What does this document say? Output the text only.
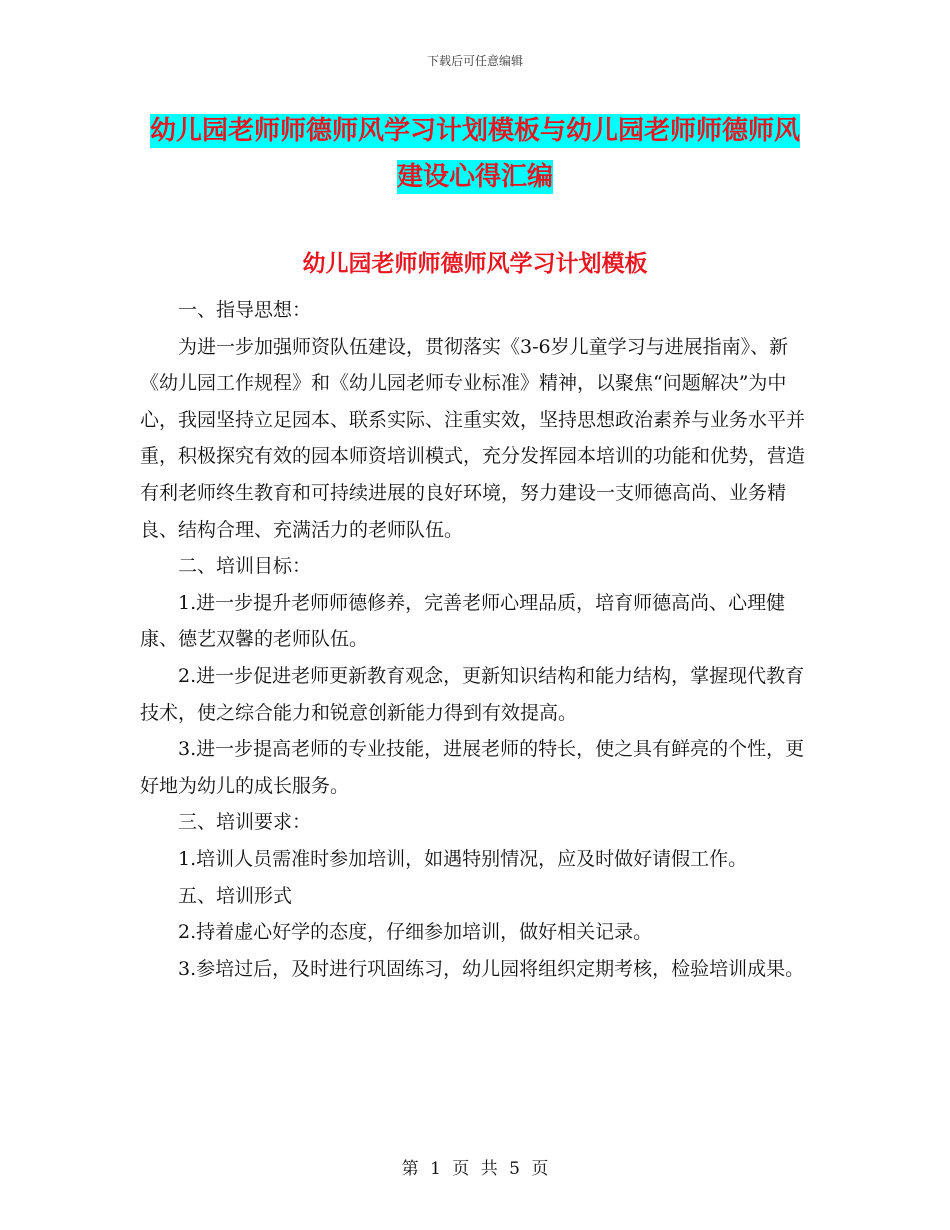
下载后可任意编辑
幼儿园老师师德师风学习计划模板与幼儿园老师师德师风建设心得汇编
幼儿园老师师德师风学习计划模板

一、指导思想：

为进一步加强师资队伍建设，贯彻落实《3-6岁儿童学习与进展指南》、新《幼儿园工作规程》和《幼儿园老师专业标准》精神，以聚焦“问题解决”为中心，我园坚持立足园本、联系实际、注重实效，坚持思想政治素养与业务水平并重，积极探究有效的园本师资培训模式，充分发挥园本培训的功能和优势，营造有利老师终生教育和可持续进展的良好环境，努力建设一支师德高尚、业务精良、结构合理、充满活力的老师队伍。

二、培训目标：

1.进一步提升老师师德修养，完善老师心理品质，培育师德高尚、心理健康、德艺双馨的老师队伍。

2.进一步促进老师更新教育观念，更新知识结构和能力结构，掌握现代教育技术，使之综合能力和锐意创新能力得到有效提高。

3.进一步提高老师的专业技能，进展老师的特长，使之具有鲜亮的个性，更好地为幼儿的成长服务。

三、培训要求：

1.培训人员需准时参加培训，如遇特别情况，应及时做好请假工作。

五、培训形式

2.持着虚心好学的态度，仔细参加培训，做好相关记录。

3.参培过后，及时进行巩固练习，幼儿园将组织定期考核，检验培训成果。

第 1 页 共 5 页
